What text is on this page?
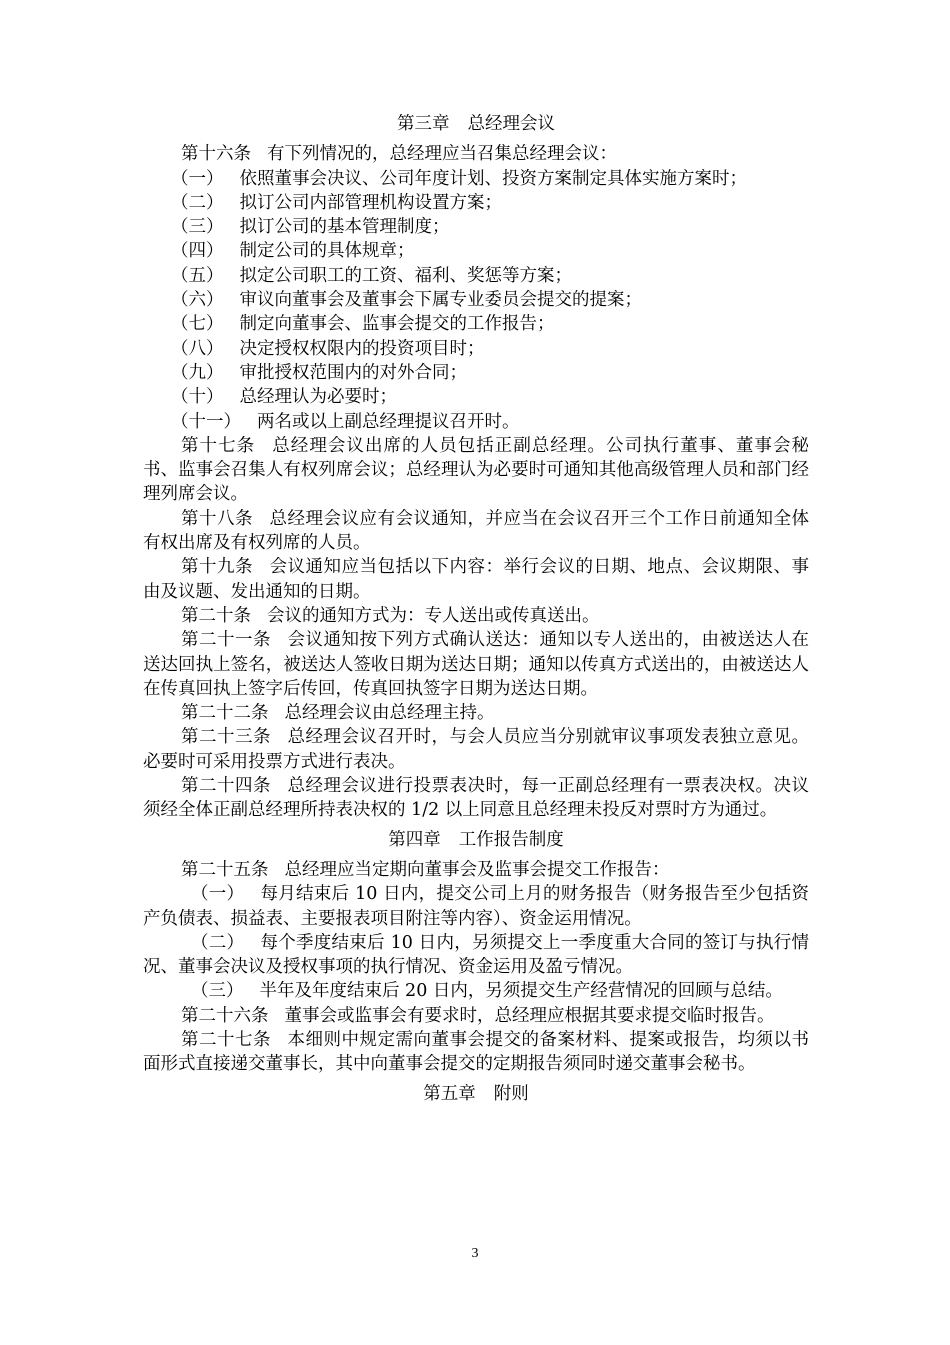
第三章 总经理会议

第十六条 有下列情况的，总经理应当召集总经理会议：

（一） 依照董事会决议、公司年度计划、投资方案制定具体实施方案时；

（二） 拟订公司内部管理机构设置方案；

（三） 拟订公司的基本管理制度；

（四） 制定公司的具体规章；

（五） 拟定公司职工的工资、福利、奖惩等方案；

（六） 审议向董事会及董事会下属专业委员会提交的提案；

（七） 制定向董事会、监事会提交的工作报告；

（八） 决定授权权限内的投资项目时；

（九） 审批授权范围内的对外合同；

（十） 总经理认为必要时；

（十一） 两名或以上副总经理提议召开时。

第十七条 总经理会议出席的人员包括正副总经理。公司执行董事、董事会秘书、监事会召集人有权列席会议；总经理认为必要时可通知其他高级管理人员和部门经理列席会议。

第十八条 总经理会议应有会议通知，并应当在会议召开三个工作日前通知全体有权出席及有权列席的人员。

第十九条 会议通知应当包括以下内容：举行会议的日期、地点、会议期限、事由及议题、发出通知的日期。

第二十条 会议的通知方式为：专人送出或传真送出。

第二十一条 会议通知按下列方式确认送达：通知以专人送出的，由被送达人在送达回执上签名，被送达人签收日期为送达日期；通知以传真方式送出的，由被送达人在传真回执上签字后传回，传真回执签字日期为送达日期。

第二十二条 总经理会议由总经理主持。

第二十三条 总经理会议召开时，与会人员应当分别就审议事项发表独立意见。必要时可采用投票方式进行表决。

第二十四条 总经理会议进行投票表决时，每一正副总经理有一票表决权。决议须经全体正副总经理所持表决权的 1/2 以上同意且总经理未投反对票时方为通过。

第四章 工作报告制度

第二十五条 总经理应当定期向董事会及监事会提交工作报告：

（一） 每月结束后 10 日内，提交公司上月的财务报告（财务报告至少包括资产负债表、损益表、主要报表项目附注等内容）、资金运用情况。

（二） 每个季度结束后 10 日内，另须提交上一季度重大合同的签订与执行情况、董事会决议及授权事项的执行情况、资金运用及盈亏情况。

（三） 半年及年度结束后 20 日内，另须提交生产经营情况的回顾与总结。

第二十六条 董事会或监事会有要求时，总经理应根据其要求提交临时报告。

第二十七条 本细则中规定需向董事会提交的备案材料、提案或报告，均须以书面形式直接递交董事长，其中向董事会提交的定期报告须同时递交董事会秘书。

第五章 附则
3
